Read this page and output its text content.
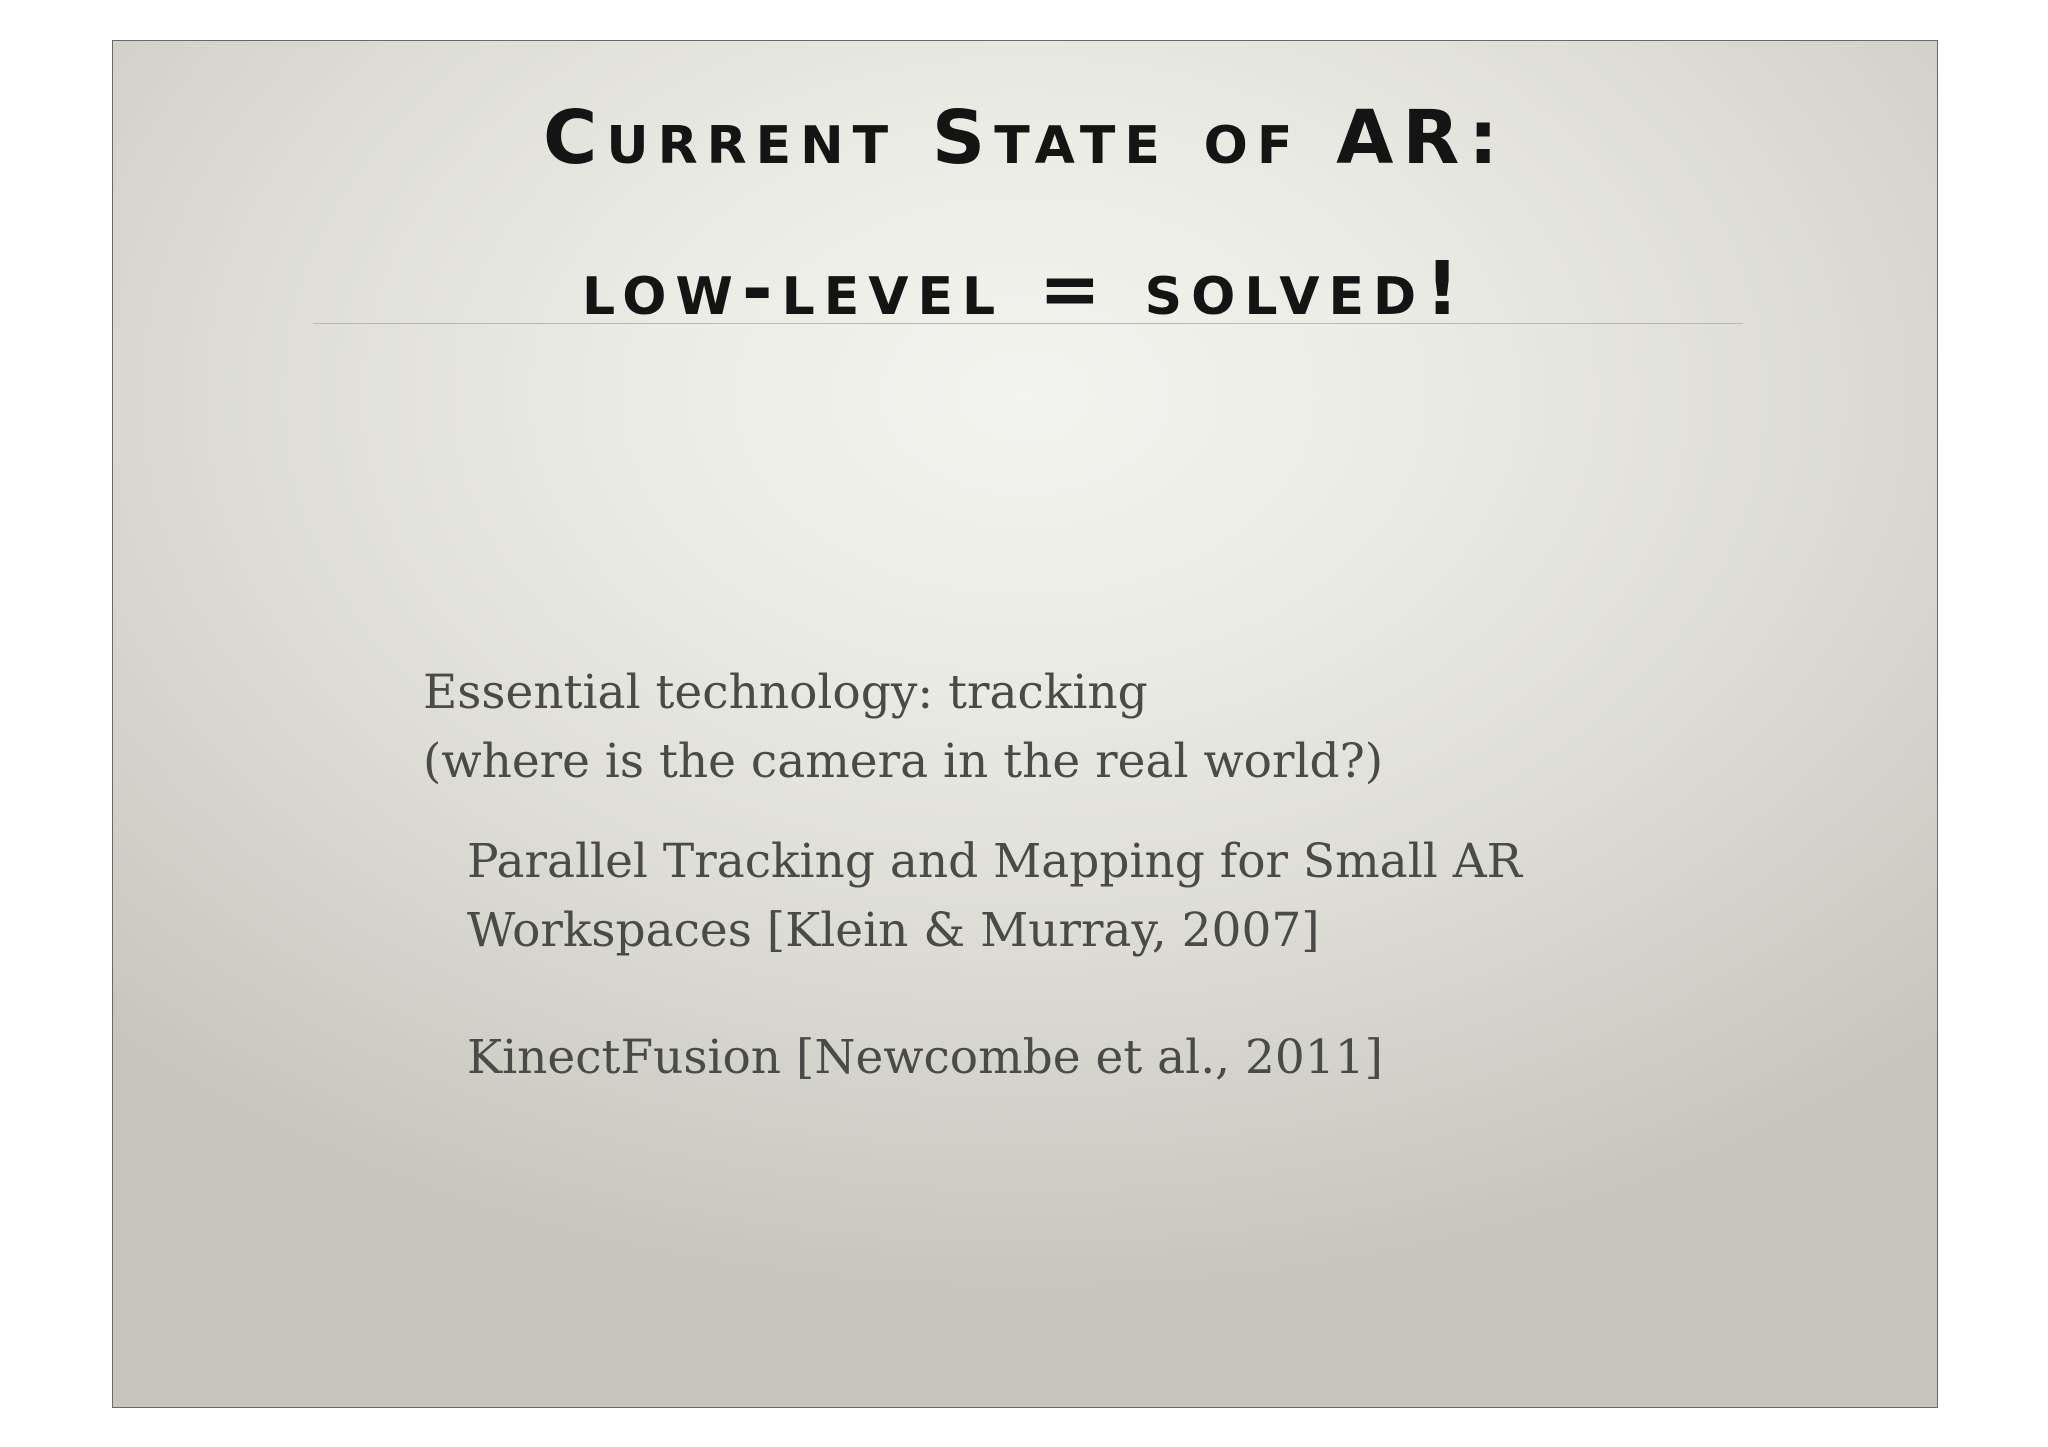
Current State of AR:
low-level = solved!
Essential technology: tracking
(where is the camera in the real world?)
Parallel Tracking and Mapping for Small AR
Workspaces [Klein & Murray, 2007]
KinectFusion [Newcombe et al., 2011]
